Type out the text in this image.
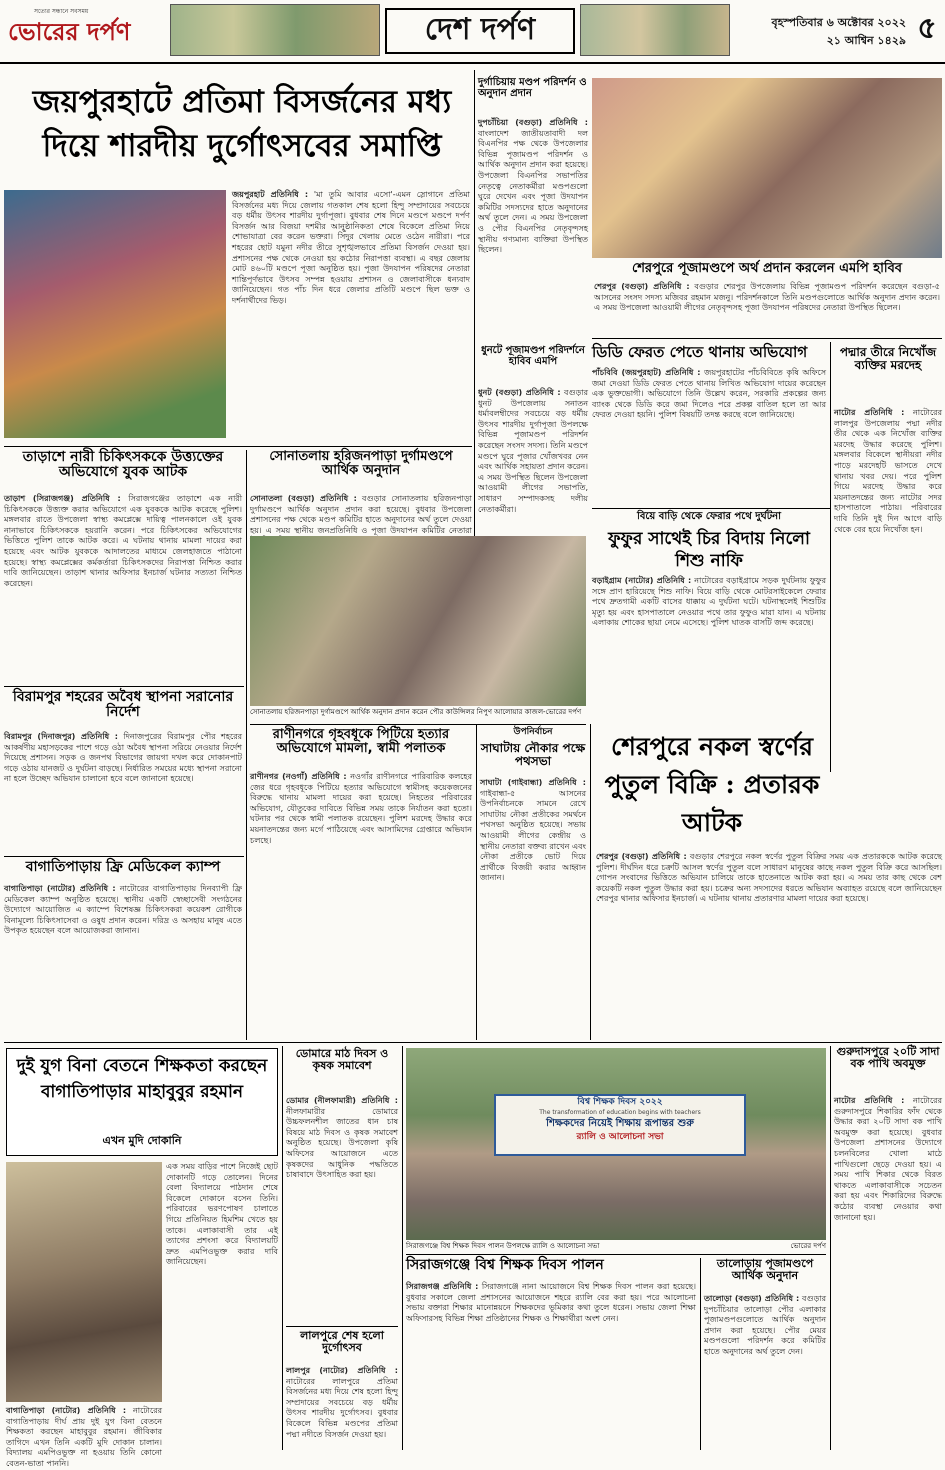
সত্যের সন্ধানে সবসময়
ভোরের দর্পণ	দেশ দর্পণ	বৃহস্পতিবার ৬ অক্টোবর ২০২২
২১ আশ্বিন ১৪২৯ ৫
জয়পুরহাটে প্রতিমা বিসর্জনের মধ্য দিয়ে শারদীয় দুর্গোৎসবের সমাপ্তি
জয়পুরহাট প্রতিনিধি : 'মা তুমি আবার এসো'-এমন স্লোগানে প্রতিমা বিসর্জনের মধ্য দিয়ে জেলায় গতকাল শেষ হলো হিন্দু সম্প্রদায়ের সবচেয়ে বড় ধর্মীয় উৎসব শারদীয় দুর্গাপূজা। বুধবার শেষ দিনে মণ্ডপে মণ্ডপে দর্পণ বিসর্জন আর বিজয়া দশমীর আনুষ্ঠানিকতা শেষে বিকেলে প্রতিমা নিয়ে শোভাযাত্রা বের করেন ভক্তরা। সিঁদুর খেলায় মেতে ওঠেন নারীরা। পরে শহরের ছোট যমুনা নদীর তীরে সুশৃঙ্খলভাবে প্রতিমা বিসর্জন দেওয়া হয়। প্রশাসনের পক্ষ থেকে নেওয়া হয় কঠোর নিরাপত্তা ব্যবস্থা। এ বছর জেলায় মোট ৪৬০টি মণ্ডপে পূজা অনুষ্ঠিত হয়। পূজা উদযাপন পরিষদের নেতারা শান্তিপূর্ণভাবে উৎসব সম্পন্ন হওয়ায় প্রশাসন ও জেলাবাসীকে ধন্যবাদ জানিয়েছেন। গত পাঁচ দিন ধরে জেলার প্রতিটি মণ্ডপে ছিল ভক্ত ও দর্শনার্থীদের ভিড়।
দুর্গাচিয়ায় মণ্ডপ পরিদর্শন ও অনুদান প্রদান
দুপচাঁচিয়া (বগুড়া) প্রতিনিধি : বাংলাদেশ জাতীয়তাবাদী দল বিএনপির পক্ষ থেকে উপজেলার বিভিন্ন পূজামণ্ডপ পরিদর্শন ও আর্থিক অনুদান প্রদান করা হয়েছে। উপজেলা বিএনপির সভাপতির নেতৃত্বে নেতাকর্মীরা মণ্ডপগুলো ঘুরে দেখেন এবং পূজা উদযাপন কমিটির সদস্যদের হাতে অনুদানের অর্থ তুলে দেন। এ সময় উপজেলা ও পৌর বিএনপির নেতৃবৃন্দসহ স্থানীয় গণ্যমান্য ব্যক্তিরা উপস্থিত ছিলেন।
ধুনটে পূজামণ্ডপ পরিদর্শনে হাবিব এমপি
ধুনট (বগুড়া) প্রতিনিধি : বগুড়ার ধুনট উপজেলায় সনাতন ধর্মাবলম্বীদের সবচেয়ে বড় ধর্মীয় উৎসব শারদীয় দুর্গাপূজা উপলক্ষে বিভিন্ন পূজামণ্ডপ পরিদর্শন করেছেন সংসদ সদস্য। তিনি মণ্ডপে মণ্ডপে ঘুরে পূজার খোঁজখবর নেন এবং আর্থিক সহায়তা প্রদান করেন। এ সময় উপস্থিত ছিলেন উপজেলা আওয়ামী লীগের সভাপতি, সাধারণ সম্পাদকসহ দলীয় নেতাকর্মীরা।
শেরপুরে পূজামণ্ডপে অর্থ প্রদান করলেন এমপি হাবিব
শেরপুর (বগুড়া) প্রতিনিধি : বগুড়ার শেরপুর উপজেলায় বিভিন্ন পূজামণ্ডপ পরিদর্শন করেছেন বগুড়া-৫ আসনের সংসদ সদস্য মজিবর রহমান মজনু। পরিদর্শনকালে তিনি মণ্ডপগুলোতে আর্থিক অনুদান প্রদান করেন। এ সময় উপজেলা আওয়ামী লীগের নেতৃবৃন্দসহ পূজা উদযাপন পরিষদের নেতারা উপস্থিত ছিলেন।
ডিডি ফেরত পেতে থানায় অভিযোগ
পাঁচবিবি (জয়পুরহাট) প্রতিনিধি : জয়পুরহাটের পাঁচবিবিতে কৃষি অফিসে জমা দেওয়া ডিডি ফেরত পেতে থানায় লিখিত অভিযোগ দায়ের করেছেন এক ভুক্তভোগী। অভিযোগে তিনি উল্লেখ করেন, সরকারি প্রকল্পের জন্য ব্যাংক থেকে ডিডি করে জমা দিলেও পরে প্রকল্প বাতিল হলে তা আর ফেরত দেওয়া হয়নি। পুলিশ বিষয়টি তদন্ত করছে বলে জানিয়েছে।
পদ্মার তীরে নিখোঁজ ব্যক্তির মরদেহ
নাটোর প্রতিনিধি : নাটোরের লালপুর উপজেলায় পদ্মা নদীর তীর থেকে এক নিখোঁজ ব্যক্তির মরদেহ উদ্ধার করেছে পুলিশ। মঙ্গলবার বিকেলে স্থানীয়রা নদীর পাড়ে মরদেহটি ভাসতে দেখে থানায় খবর দেয়। পরে পুলিশ গিয়ে মরদেহ উদ্ধার করে ময়নাতদন্তের জন্য নাটোর সদর হাসপাতালে পাঠায়। পরিবারের দাবি তিনি দুই দিন আগে বাড়ি থেকে বের হয়ে নিখোঁজ হন।
বিয়ে বাড়ি থেকে ফেরার পথে দুর্ঘটনা
ফুফুর সাথেই চির বিদায় নিলো শিশু নাফি
বড়াইগ্রাম (নাটোর) প্রতিনিধি : নাটোরের বড়াইগ্রামে সড়ক দুর্ঘটনায় ফুফুর সঙ্গে প্রাণ হারিয়েছে শিশু নাফি। বিয়ে বাড়ি থেকে মোটরসাইকেলে ফেরার পথে দ্রুতগামী একটি বাসের ধাক্কায় এ দুর্ঘটনা ঘটে। ঘটনাস্থলেই শিশুটির মৃত্যু হয় এবং হাসপাতালে নেওয়ার পথে তার ফুফুও মারা যান। এ ঘটনায় এলাকায় শোকের ছায়া নেমে এসেছে। পুলিশ ঘাতক বাসটি জব্দ করেছে।
তাড়াশে নারী চিকিৎসককে উত্ত্যক্তের অভিযোগে যুবক আটক
তাড়াশ (সিরাজগঞ্জ) প্রতিনিধি : সিরাজগঞ্জের তাড়াশে এক নারী চিকিৎসককে উত্ত্যক্ত করার অভিযোগে এক যুবককে আটক করেছে পুলিশ। মঙ্গলবার রাতে উপজেলা স্বাস্থ্য কমপ্লেক্সে দায়িত্ব পালনকালে ওই যুবক নানাভাবে চিকিৎসককে হয়রানি করেন। পরে চিকিৎসকের অভিযোগের ভিত্তিতে পুলিশ তাকে আটক করে। এ ঘটনায় থানায় মামলা দায়ের করা হয়েছে এবং আটক যুবককে আদালতের মাধ্যমে জেলহাজতে পাঠানো হয়েছে। স্বাস্থ্য কমপ্লেক্সের কর্মকর্তারা চিকিৎসকদের নিরাপত্তা নিশ্চিত করার দাবি জানিয়েছেন। তাড়াশ থানার অফিসার ইনচার্জ ঘটনার সত্যতা নিশ্চিত করেছেন।
সোনাতলায় হরিজনপাড়া দুর্গামণ্ডপে আর্থিক অনুদান
সোনাতলা (বগুড়া) প্রতিনিধি : বগুড়ার সোনাতলায় হরিজনপাড়া দুর্গামণ্ডপে আর্থিক অনুদান প্রদান করা হয়েছে। বুধবার উপজেলা প্রশাসনের পক্ষ থেকে মণ্ডপ কমিটির হাতে অনুদানের অর্থ তুলে দেওয়া হয়। এ সময় স্থানীয় জনপ্রতিনিধি ও পূজা উদযাপন কমিটির নেতারা
সোনাতলায় হরিজনপাড়া দুর্গামণ্ডপে আর্থিক অনুদান প্রদান করেন পৌর কাউন্সিলর নিপুণ আলোয়ার কাজল-ভোরের দর্পণ
বিরামপুর শহরের অবৈধ স্থাপনা সরানোর নির্দেশ
বিরামপুর (দিনাজপুর) প্রতিনিধি : দিনাজপুরের বিরামপুর পৌর শহরের আকর্ষণীয় মহাসড়কের পাশে গড়ে ওঠা অবৈধ স্থাপনা সরিয়ে নেওয়ার নির্দেশ দিয়েছে প্রশাসন। সড়ক ও জনপথ বিভাগের জায়গা দখল করে দোকানপাট গড়ে ওঠায় যানজট ও দুর্ঘটনা বাড়ছে। নির্ধারিত সময়ের মধ্যে স্থাপনা সরানো না হলে উচ্ছেদ অভিযান চালানো হবে বলে জানানো হয়েছে।
বাগাতিপাড়ায় ফ্রি মেডিকেল ক্যাম্প
বাগাতিপাড়া (নাটোর) প্রতিনিধি : নাটোরের বাগাতিপাড়ায় দিনব্যাপী ফ্রি মেডিকেল ক্যাম্প অনুষ্ঠিত হয়েছে। স্থানীয় একটি স্বেচ্ছাসেবী সংগঠনের উদ্যোগে আয়োজিত এ ক্যাম্পে বিশেষজ্ঞ চিকিৎসকরা কয়েকশ রোগীকে বিনামূল্যে চিকিৎসাসেবা ও ওষুধ প্রদান করেন। দরিদ্র ও অসহায় মানুষ এতে উপকৃত হয়েছেন বলে আয়োজকরা জানান।
রাণীনগরে গৃহবধূকে পিটিয়ে হত্যার অভিযোগে মামলা, স্বামী পলাতক
রাণীনগর (নওগাঁ) প্রতিনিধি : নওগাঁর রাণীনগরে পারিবারিক কলহের জের ধরে গৃহবধূকে পিটিয়ে হত্যার অভিযোগে স্বামীসহ কয়েকজনের বিরুদ্ধে থানায় মামলা দায়ের করা হয়েছে। নিহতের পরিবারের অভিযোগ, যৌতুকের দাবিতে বিভিন্ন সময় তাকে নির্যাতন করা হতো। ঘটনার পর থেকে স্বামী পলাতক রয়েছেন। পুলিশ মরদেহ উদ্ধার করে ময়নাতদন্তের জন্য মর্গে পাঠিয়েছে এবং আসামিদের গ্রেপ্তারে অভিযান চলছে।
উপনির্বাচন
সাঘাটায় নৌকার পক্ষে পথসভা
সাঘাটা (গাইবান্ধা) প্রতিনিধি : গাইবান্ধা-৫ আসনের উপনির্বাচনকে সামনে রেখে সাঘাটায় নৌকা প্রতীকের সমর্থনে পথসভা অনুষ্ঠিত হয়েছে। সভায় আওয়ামী লীগের কেন্দ্রীয় ও স্থানীয় নেতারা বক্তব্য রাখেন এবং নৌকা প্রতীকে ভোট দিয়ে প্রার্থীকে বিজয়ী করার আহ্বান জানান।
শেরপুরে নকল স্বর্ণের পুতুল বিক্রি : প্রতারক আটক
শেরপুর (বগুড়া) প্রতিনিধি : বগুড়ার শেরপুরে নকল স্বর্ণের পুতুল বিক্রির সময় এক প্রতারককে আটক করেছে পুলিশ। দীর্ঘদিন ধরে চক্রটি আসল স্বর্ণের পুতুল বলে সাধারণ মানুষের কাছে নকল পুতুল বিক্রি করে আসছিল। গোপন সংবাদের ভিত্তিতে অভিযান চালিয়ে তাকে হাতেনাতে আটক করা হয়। এ সময় তার কাছ থেকে বেশ কয়েকটি নকল পুতুল উদ্ধার করা হয়। চক্রের অন্য সদস্যদের ধরতে অভিযান অব্যাহত রয়েছে বলে জানিয়েছেন শেরপুর থানার অফিসার ইনচার্জ। এ ঘটনায় থানায় প্রতারণার মামলা দায়ের করা হয়েছে।
দুই যুগ বিনা বেতনে শিক্ষকতা করছেন বাগাতিপাড়ার মাহাবুবুর রহমান
এখন মুদি দোকানি
বাগাতিপাড়া (নাটোর) প্রতিনিধি : নাটোরের বাগাতিপাড়ায় দীর্ঘ প্রায় দুই যুগ বিনা বেতনে শিক্ষকতা করছেন মাহাবুবুর রহমান। জীবিকার তাগিদে এখন তিনি একটি মুদি দোকান চালান। বিদ্যালয় এমপিওভুক্ত না হওয়ায় তিনি কোনো বেতন-ভাতা পাননি।
এক সময় বাড়ির পাশে নিজেই ছোট দোকানটি গড়ে তোলেন। দিনের বেলা বিদ্যালয়ে পাঠদান শেষে বিকেলে দোকানে বসেন তিনি। পরিবারের ভরণপোষণ চালাতে গিয়ে প্রতিনিয়ত হিমশিম খেতে হয় তাকে। এলাকাবাসী তার এই ত্যাগের প্রশংসা করে বিদ্যালয়টি দ্রুত এমপিওভুক্ত করার দাবি জানিয়েছেন।
ডোমারে মাঠ দিবস ও কৃষক সমাবেশ
ডোমার (নীলফামারী) প্রতিনিধি : নীলফামারীর ডোমারে উচ্চফলনশীল জাতের ধান চাষ বিষয়ে মাঠ দিবস ও কৃষক সমাবেশ অনুষ্ঠিত হয়েছে। উপজেলা কৃষি অফিসের আয়োজনে এতে কৃষকদের আধুনিক পদ্ধতিতে চাষাবাদে উৎসাহিত করা হয়।
লালপুরে শেষ হলো দুর্গোৎসব
লালপুর (নাটোর) প্রতিনিধি : নাটোরের লালপুরে প্রতিমা বিসর্জনের মধ্য দিয়ে শেষ হলো হিন্দু সম্প্রদায়ের সবচেয়ে বড় ধর্মীয় উৎসব শারদীয় দুর্গোৎসব। বুধবার বিকেলে বিভিন্ন মণ্ডপের প্রতিমা পদ্মা নদীতে বিসর্জন দেওয়া হয়।
বিশ্ব শিক্ষক দিবস ২০২২
The transformation of education begins with teachers
শিক্ষকদের নিয়েই শিক্ষায় রূপান্তর শুরু
র‌্যালি ও আলোচনা সভা
সিরাজগঞ্জে বিশ্ব শিক্ষক দিবস পালন উপলক্ষে র‌্যালি ও আলোচনা সভা	ভোরের দর্পণ
সিরাজগঞ্জে বিশ্ব শিক্ষক দিবস পালন
সিরাজগঞ্জ প্রতিনিধি : সিরাজগঞ্জে নানা আয়োজনে বিশ্ব শিক্ষক দিবস পালন করা হয়েছে। বুধবার সকালে জেলা প্রশাসনের আয়োজনে শহরে র‌্যালি বের করা হয়। পরে আলোচনা সভায় বক্তারা শিক্ষার মানোন্নয়নে শিক্ষকদের ভূমিকার কথা তুলে ধরেন। সভায় জেলা শিক্ষা অফিসারসহ বিভিন্ন শিক্ষা প্রতিষ্ঠানের শিক্ষক ও শিক্ষার্থীরা অংশ নেন।
তালোড়ায় পূজামণ্ডপে আর্থিক অনুদান
তালোড়া (বগুড়া) প্রতিনিধি : বগুড়ার দুপচাঁচিয়ার তালোড়া পৌর এলাকার পূজামণ্ডপগুলোতে আর্থিক অনুদান প্রদান করা হয়েছে। পৌর মেয়র মণ্ডপগুলো পরিদর্শন করে কমিটির হাতে অনুদানের অর্থ তুলে দেন।
গুরুদাসপুরে ২০টি সাদা বক পাখি অবমুক্ত
নাটোর প্রতিনিধি : নাটোরের গুরুদাসপুরে শিকারির ফাঁদ থেকে উদ্ধার করা ২০টি সাদা বক পাখি অবমুক্ত করা হয়েছে। বুধবার উপজেলা প্রশাসনের উদ্যোগে চলনবিলের খোলা মাঠে পাখিগুলো ছেড়ে দেওয়া হয়। এ সময় পাখি শিকার থেকে বিরত থাকতে এলাকাবাসীকে সচেতন করা হয় এবং শিকারিদের বিরুদ্ধে কঠোর ব্যবস্থা নেওয়ার কথা জানানো হয়।
